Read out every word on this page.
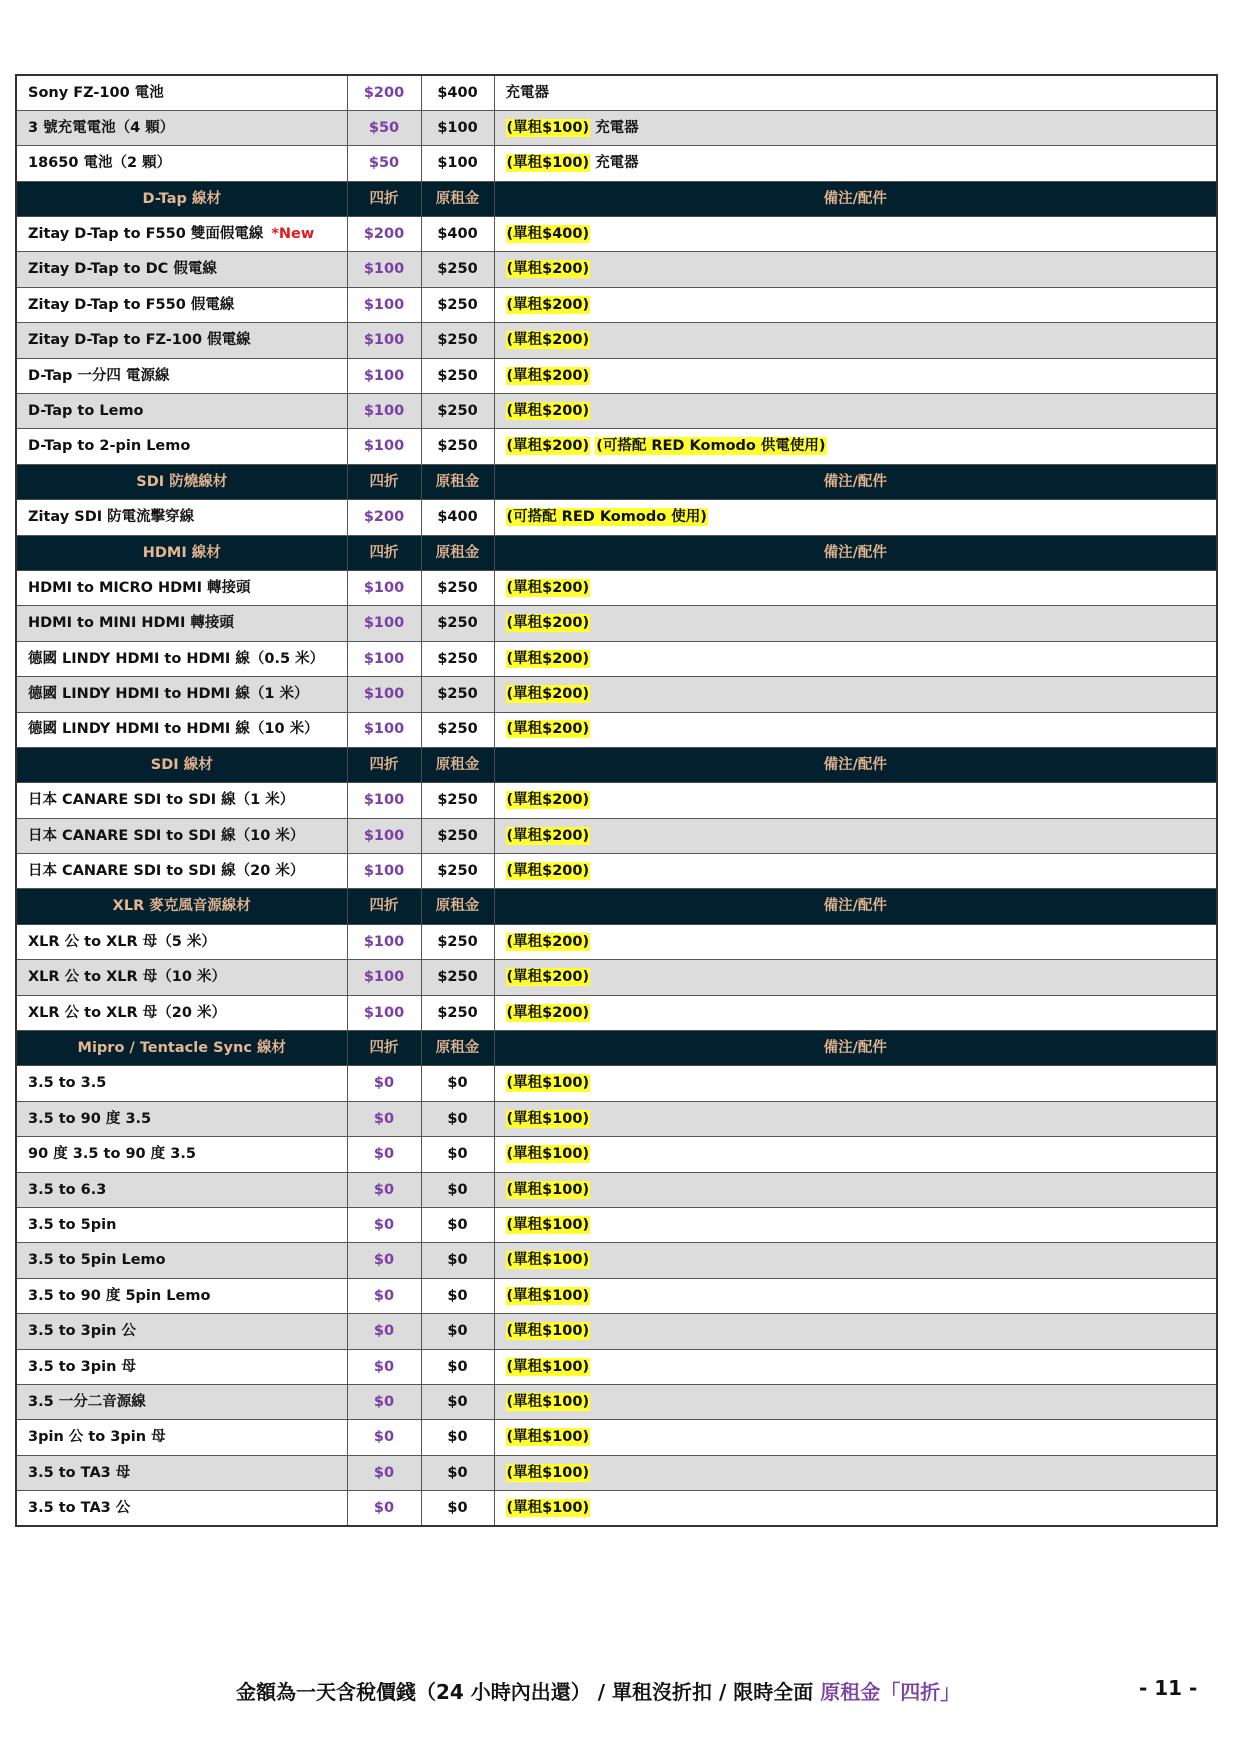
Sony FZ-100 電池	$200	$400	充電器
3 號充電電池（4 顆）	$50	$100	(單租$100) 充電器
18650 電池（2 顆）	$50	$100	(單租$100) 充電器
D-Tap 線材	四折	原租金	備注/配件
Zitay D-Tap to F550 雙面假電線 *New	$200	$400	(單租$400)
Zitay D-Tap to DC 假電線	$100	$250	(單租$200)
Zitay D-Tap to F550 假電線	$100	$250	(單租$200)
Zitay D-Tap to FZ-100 假電線	$100	$250	(單租$200)
D-Tap 一分四 電源線	$100	$250	(單租$200)
D-Tap to Lemo	$100	$250	(單租$200)
D-Tap to 2-pin Lemo	$100	$250	(單租$200) (可搭配 RED Komodo 供電使用)
SDI 防燒線材	四折	原租金	備注/配件
Zitay SDI 防電流擊穿線	$200	$400	(可搭配 RED Komodo 使用)
HDMI 線材	四折	原租金	備注/配件
HDMI to MICRO HDMI 轉接頭	$100	$250	(單租$200)
HDMI to MINI HDMI 轉接頭	$100	$250	(單租$200)
德國 LINDY HDMI to HDMI 線（0.5 米）	$100	$250	(單租$200)
德國 LINDY HDMI to HDMI 線（1 米）	$100	$250	(單租$200)
德國 LINDY HDMI to HDMI 線（10 米）	$100	$250	(單租$200)
SDI 線材	四折	原租金	備注/配件
日本 CANARE SDI to SDI 線（1 米）	$100	$250	(單租$200)
日本 CANARE SDI to SDI 線（10 米）	$100	$250	(單租$200)
日本 CANARE SDI to SDI 線（20 米）	$100	$250	(單租$200)
XLR 麥克風音源線材	四折	原租金	備注/配件
XLR 公 to XLR 母（5 米）	$100	$250	(單租$200)
XLR 公 to XLR 母（10 米）	$100	$250	(單租$200)
XLR 公 to XLR 母（20 米）	$100	$250	(單租$200)
Mipro / Tentacle Sync 線材	四折	原租金	備注/配件
3.5 to 3.5	$0	$0	(單租$100)
3.5 to 90 度 3.5	$0	$0	(單租$100)
90 度 3.5 to 90 度 3.5	$0	$0	(單租$100)
3.5 to 6.3	$0	$0	(單租$100)
3.5 to 5pin	$0	$0	(單租$100)
3.5 to 5pin Lemo	$0	$0	(單租$100)
3.5 to 90 度 5pin Lemo	$0	$0	(單租$100)
3.5 to 3pin 公	$0	$0	(單租$100)
3.5 to 3pin 母	$0	$0	(單租$100)
3.5 一分二音源線	$0	$0	(單租$100)
3pin 公 to 3pin 母	$0	$0	(單租$100)
3.5 to TA3 母	$0	$0	(單租$100)
3.5 to TA3 公	$0	$0	(單租$100)
金額為一天含稅價錢（24 小時內出還） / 單租沒折扣 / 限時全面 原租金「四折」	- 11 -
